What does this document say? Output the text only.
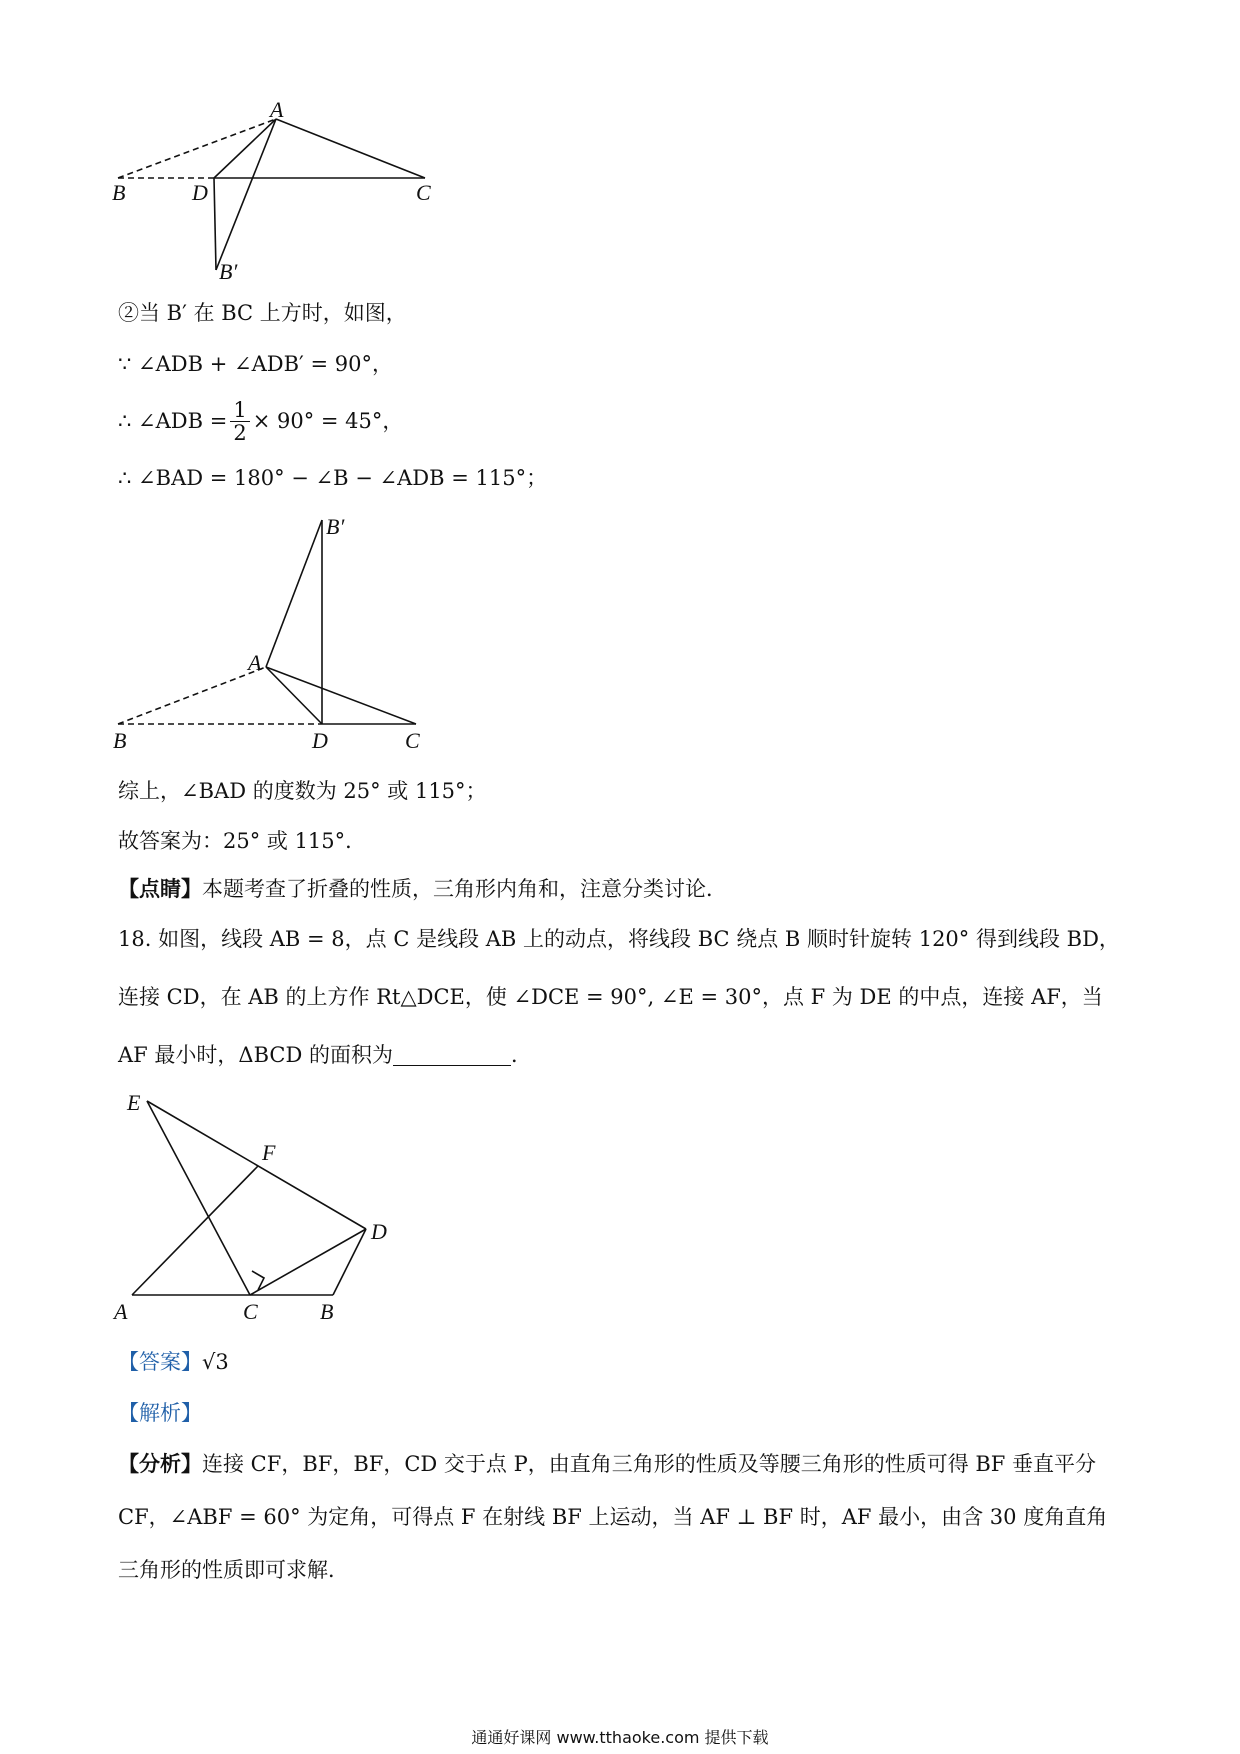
A
B	D	C
B′
②当 B′ 在 BC 上方时，如图，
∵ ∠ADB + ∠ADB′ = 90°，
∴ ∠ADB = $\frac{1}{2} \times 90^\circ = 45^\circ$，
∴ ∠BAD = 180° − ∠B − ∠ADB = 115°；
B′
A
B	D	C
综上，∠BAD 的度数为 25° 或 115°；
故答案为：25° 或 115°．
【点睛】本题考查了折叠的性质，三角形内角和，注意分类讨论．
18. 如图，线段 AB = 8，点 C 是线段 AB 上的动点，将线段 BC 绕点 B 顺时针旋转 120° 得到线段 BD，
连接 CD，在 AB 的上方作 Rt△DCE，使 ∠DCE = 90°, ∠E = 30°，点 F 为 DE 的中点，连接 AF，当
AF 最小时，ΔBCD 的面积为	．
E
F
D
A	C	B
【答案】√3
【解析】
【分析】连接 CF，BF，BF，CD 交于点 P，由直角三角形的性质及等腰三角形的性质可得 BF 垂直平分
CF，∠ABF = 60° 为定角，可得点 F 在射线 BF 上运动，当 AF ⊥ BF 时，AF 最小，由含 30 度角直角
三角形的性质即可求解．
通通好课网 www.tthaoke.com 提供下载
